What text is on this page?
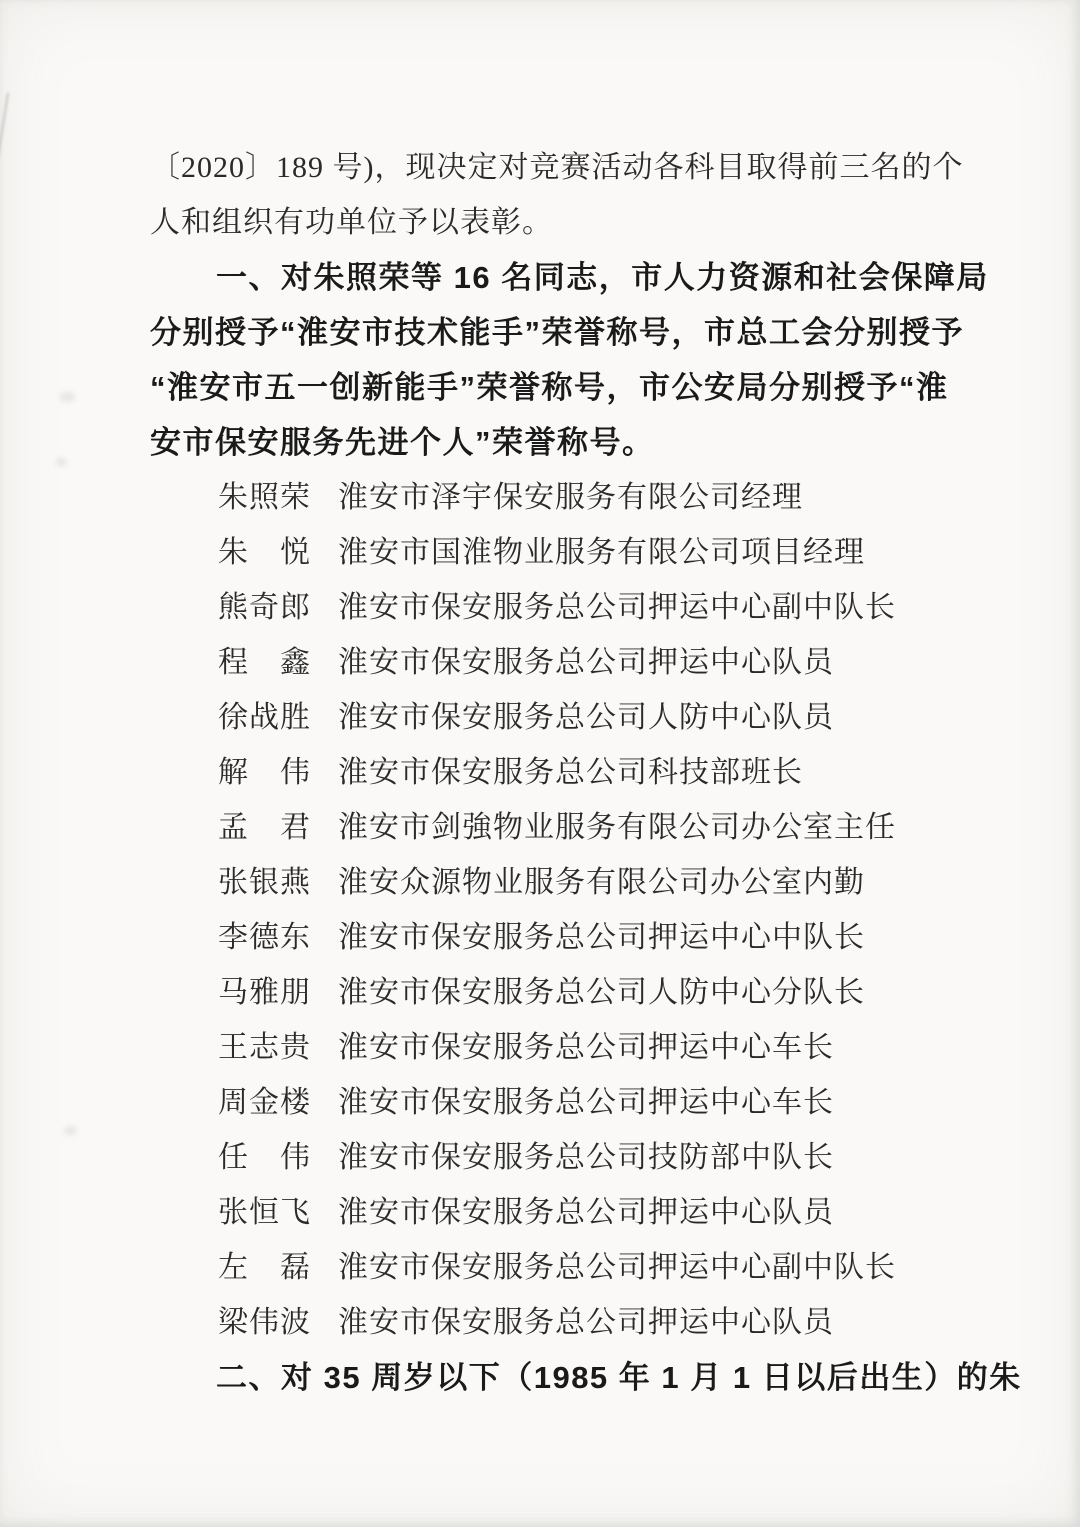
〔2020〕189 号)，现决定对竞赛活动各科目取得前三名的个

人和组织有功单位予以表彰。

一、对朱照荣等 16 名同志，市人力资源和社会保障局

分别授予“淮安市技术能手”荣誉称号，市总工会分别授予

“淮安市五一创新能手”荣誉称号，市公安局分别授予“淮

安市保安服务先进个人”荣誉称号。

朱照荣 淮安市泽宇保安服务有限公司经理
朱　悦 淮安市国淮物业服务有限公司项目经理
熊奇郎 淮安市保安服务总公司押运中心副中队长
程　鑫 淮安市保安服务总公司押运中心队员
徐战胜 淮安市保安服务总公司人防中心队员
解　伟 淮安市保安服务总公司科技部班长
孟　君 淮安市剑強物业服务有限公司办公室主任
张银燕 淮安众源物业服务有限公司办公室内勤
李德东 淮安市保安服务总公司押运中心中队长
马雅朋 淮安市保安服务总公司人防中心分队长
王志贵 淮安市保安服务总公司押运中心车长
周金楼 淮安市保安服务总公司押运中心车长
任　伟 淮安市保安服务总公司技防部中队长
张恒飞 淮安市保安服务总公司押运中心队员
左　磊 淮安市保安服务总公司押运中心副中队长
梁伟波 淮安市保安服务总公司押运中心队员

二、对 35 周岁以下（1985 年 1 月 1 日以后出生）的朱
